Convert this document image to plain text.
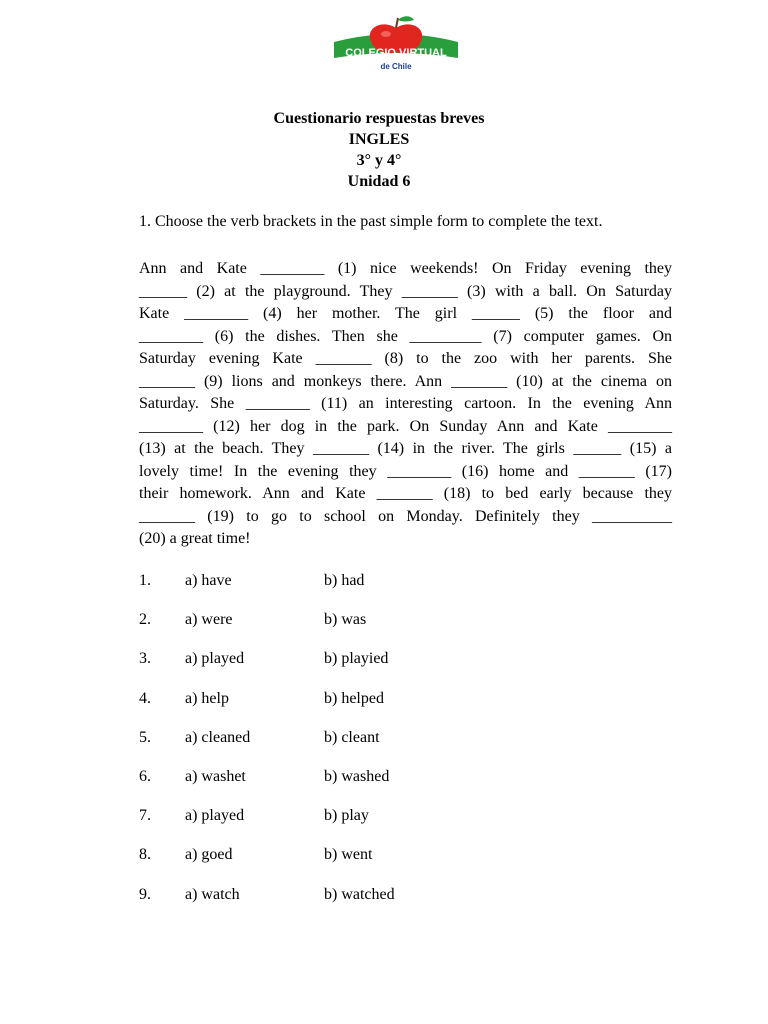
COLEGIO VIRTUAL
de Chile
Cuestionario respuestas breves
INGLES
3° y 4°
Unidad 6
1. Choose the verb brackets in the past simple form to complete the text.
Ann and Kate ________ (1) nice weekends! On Friday evening they
______ (2) at the playground. They _______ (3) with a ball. On Saturday
Kate ________ (4) her mother. The girl ______ (5) the floor and
________ (6) the dishes. Then she _________ (7) computer games. On
Saturday evening Kate _______ (8) to the zoo with her parents. She
_______ (9) lions and monkeys there. Ann _______ (10) at the cinema on
Saturday. She ________ (11) an interesting cartoon. In the evening Ann
________ (12) her dog in the park. On Sunday Ann and Kate ________
(13) at the beach. They _______ (14) in the river. The girls ______ (15) a
lovely time! In the evening they ________ (16) home and _______ (17)
their homework. Ann and Kate _______ (18) to bed early because they
_______ (19) to go to school on Monday. Definitely they __________
(20) a great time!
1. a) have	b) had
2. a) were	b) was
3. a) played	b) playied
4. a) help	b) helped
5. a) cleaned	b) cleant
6. a) washet	b) washed
7. a) played	b) play
8. a) goed	b) went
9. a) watch	b) watched
